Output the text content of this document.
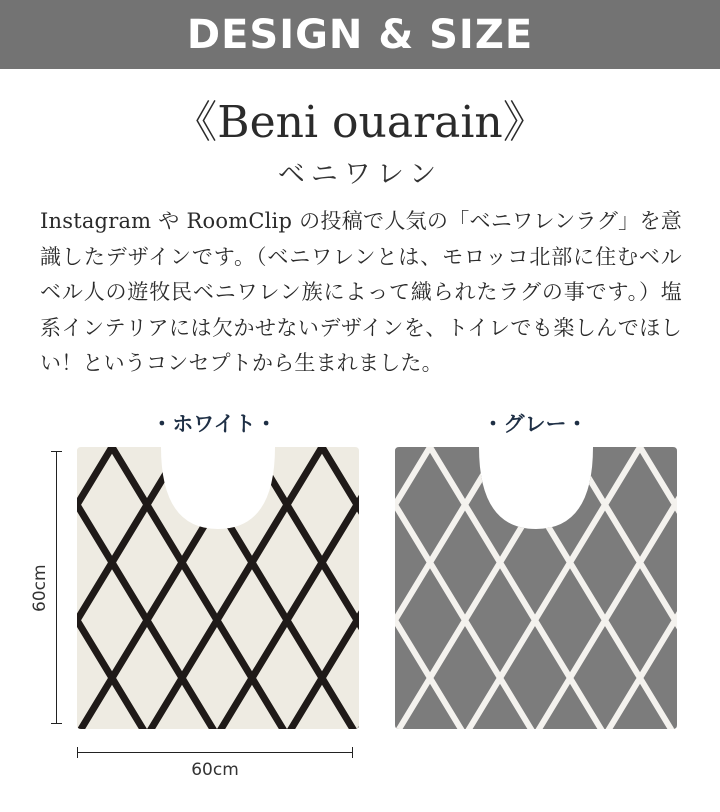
DESIGN & SIZE
《Beni ouarain》
ベニワレン
Instagram や RoomClip の投稿で人気の「ベニワレンラグ」を意識したデザインです。（ベニワレンとは、モロッコ北部に住むベルベル人の遊牧民ベニワレン族によって織られたラグの事です。）塩系インテリアには欠かせないデザインを、トイレでも楽しんでほしい！というコンセプトから生まれました。
・ホワイト・	・グレー・
60cm
60cm
